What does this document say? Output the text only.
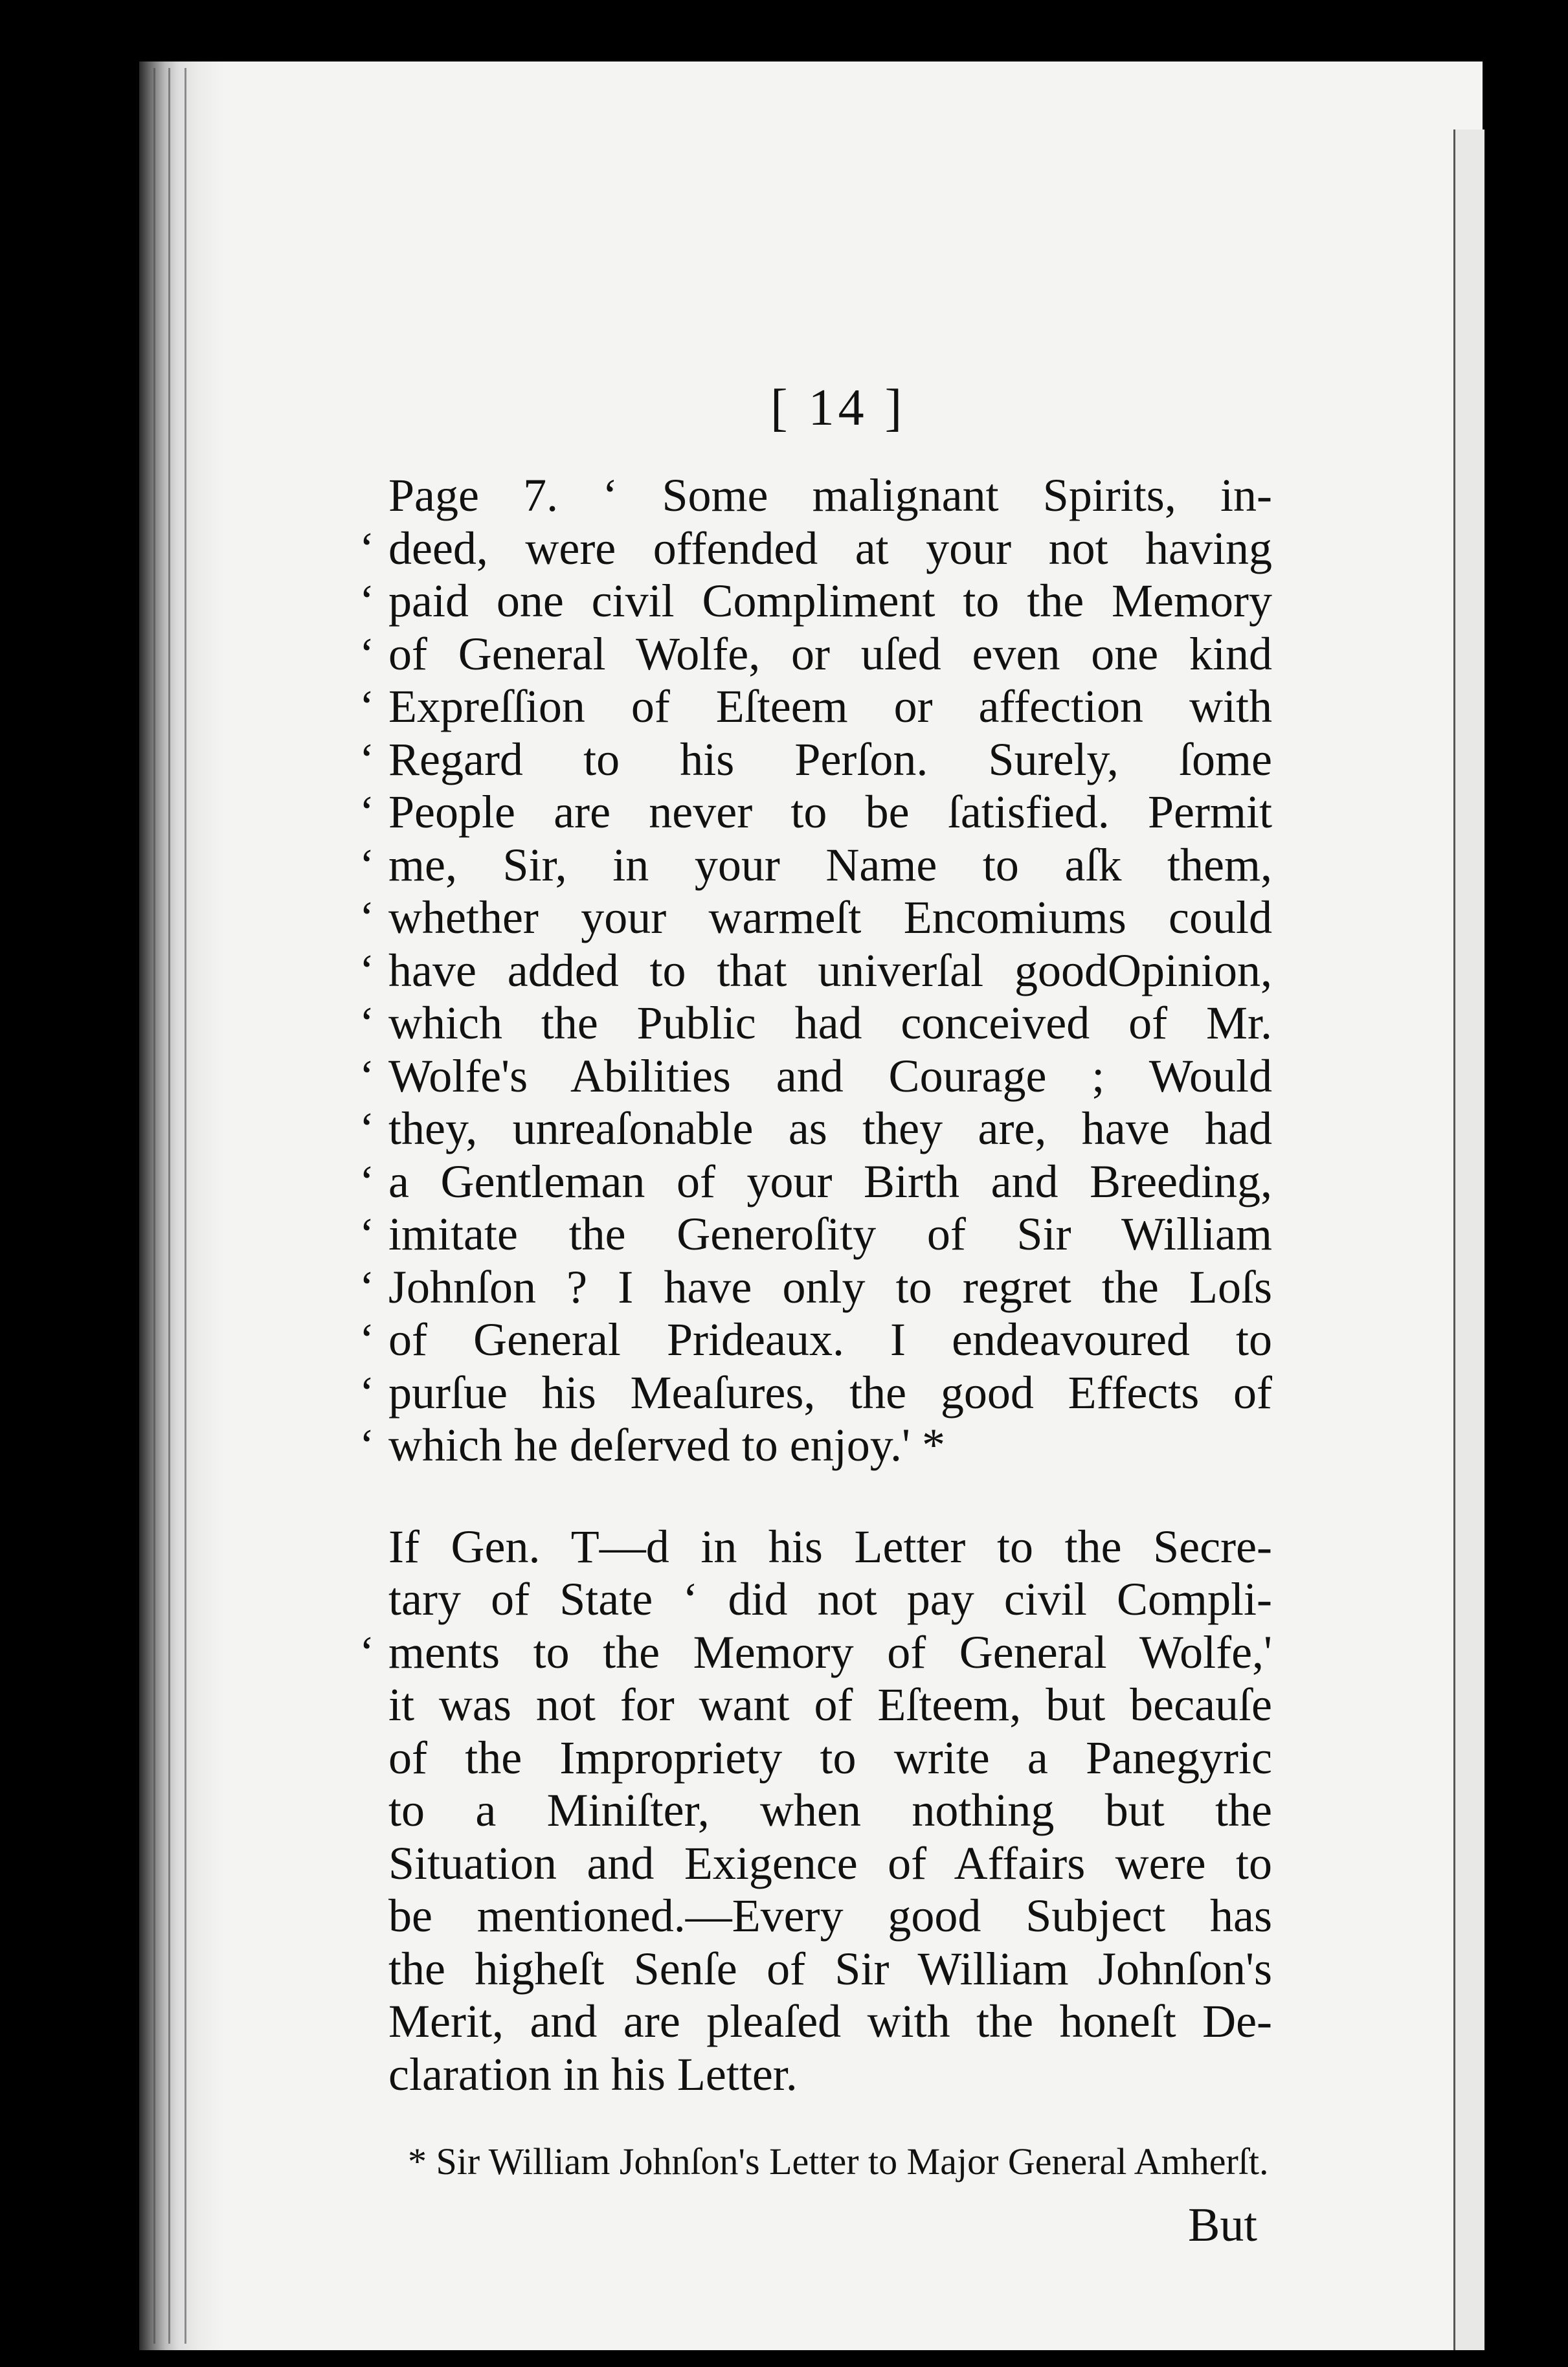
[ 14 ]
Page 7. ‘ Some malignant Spirits, in-
‘ deed, were offended at your not having
‘ paid one civil Compliment to the Memory
‘ of General Wolfe, or uſed even one kind
‘ Expreſſion of Eſteem or affection with
‘ Regard to his Perſon. Surely, ſome
‘ People are never to be ſatisfied. Permit
‘ me, Sir, in your Name to aſk them,
‘ whether your warmeſt Encomiums could
‘ have added to that univerſal goodOpinion,
‘ which the Public had conceived of Mr.
‘ Wolfe's Abilities and Courage ; Would
‘ they, unreaſonable as they are, have had
‘ a Gentleman of your Birth and Breeding,
‘ imitate the Generoſity of Sir William
‘ Johnſon ? I have only to regret the Loſs
‘ of General Prideaux. I endeavoured to
‘ purſue his Meaſures, the good Effects of
‘ which he deſerved to enjoy.' *
If Gen. T—d in his Letter to the Secre-
tary of State ‘ did not pay civil Compli-
‘ ments to the Memory of General Wolfe,'
it was not for want of Eſteem, but becauſe
of the Impropriety to write a Panegyric
to a Miniſter, when nothing but the
Situation and Exigence of Affairs were to
be mentioned.—Every good Subject has
the higheſt Senſe of Sir William Johnſon's
Merit, and are pleaſed with the honeſt De-
claration in his Letter.
* Sir William Johnſon's Letter to Major General Amherſt.
But
